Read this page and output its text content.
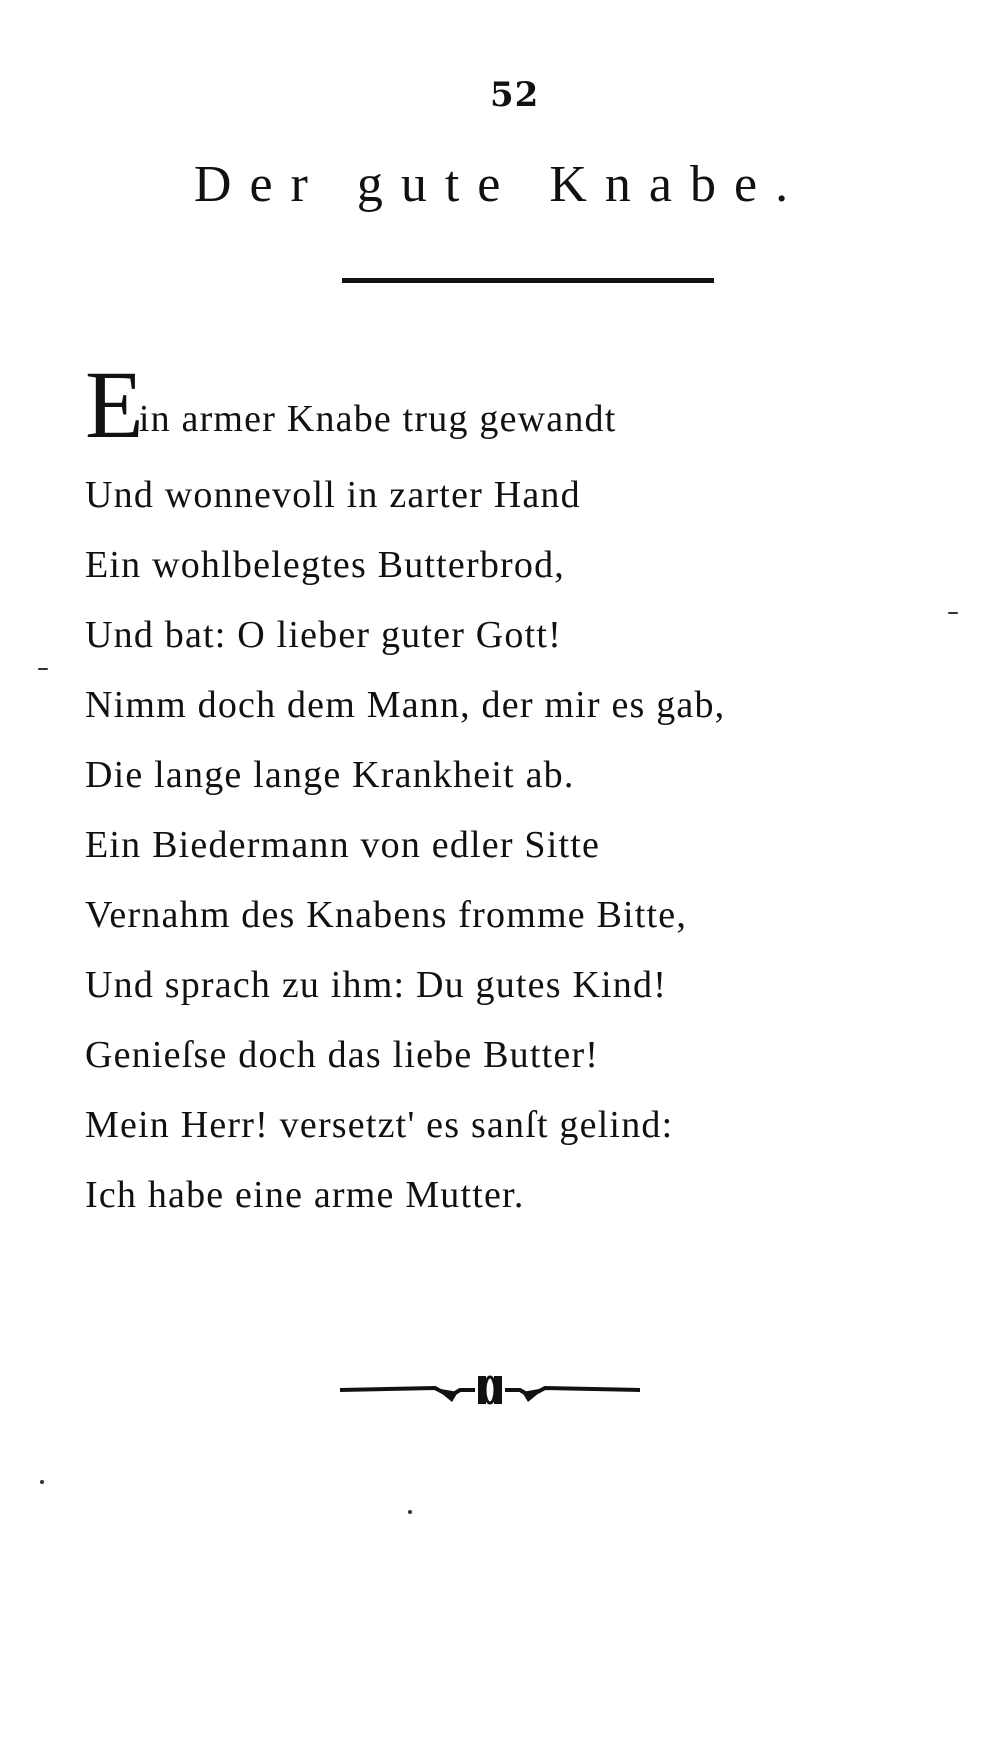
52
Der gute Knabe.
Ein armer Knabe trug gewandt
Und wonnevoll in zarter Hand
Ein wohlbelegtes Butterbrod,
Und bat: O lieber guter Gott!
Nimm doch dem Mann, der mir es gab,
Die lange lange Krankheit ab.
Ein Biedermann von edler Sitte
Vernahm des Knabens fromme Bitte,
Und sprach zu ihm: Du gutes Kind!
Genieſse doch das liebe Butter!
Mein Herr! versetzt' es sanſt gelind:
Ich habe eine arme Mutter.
